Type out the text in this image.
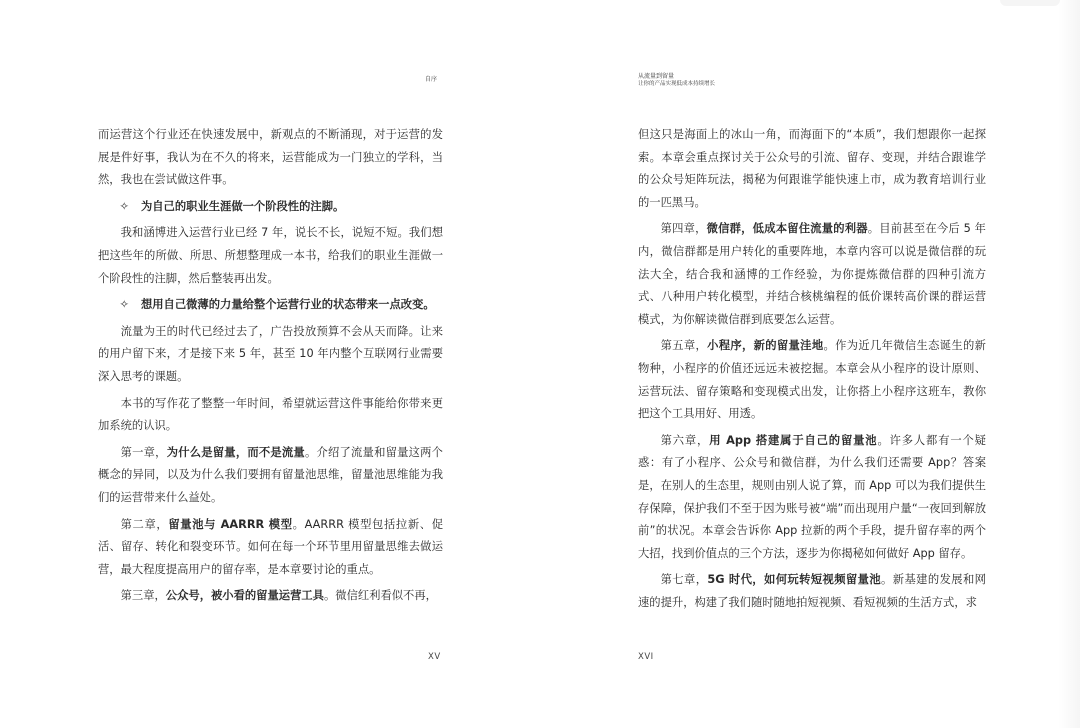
自序

而运营这个行业还在快速发展中，新观点的不断涌现，对于运营的发展是件好事，我认为在不久的将来，运营能成为一门独立的学科，当然，我也在尝试做这件事。

✧ 为自己的职业生涯做一个阶段性的注脚。

我和涵博进入运营行业已经 7 年，说长不长，说短不短。我们想把这些年的所做、所思、所想整理成一本书，给我们的职业生涯做一个阶段性的注脚，然后整装再出发。

✧ 想用自己微薄的力量给整个运营行业的状态带来一点改变。

流量为王的时代已经过去了，广告投放预算不会从天而降。让来的用户留下来，才是接下来 5 年，甚至 10 年内整个互联网行业需要深入思考的课题。

本书的写作花了整整一年时间，希望就运营这件事能给你带来更加系统的认识。

第一章，为什么是留量，而不是流量。介绍了流量和留量这两个概念的异同，以及为什么我们要拥有留量池思维，留量池思维能为我们的运营带来什么益处。

第二章，留量池与 AARRR 模型。AARRR 模型包括拉新、促活、留存、转化和裂变环节。如何在每一个环节里用留量思维去做运营，最大程度提高用户的留存率，是本章要讨论的重点。

第三章，公众号，被小看的留量运营工具。微信红利看似不再，

XV
从流量到留量
让你的产品实现低成本持续增长

但这只是海面上的冰山一角，而海面下的“本质”，我们想跟你一起探索。本章会重点探讨关于公众号的引流、留存、变现，并结合跟谁学的公众号矩阵玩法，揭秘为何跟谁学能快速上市，成为教育培训行业的一匹黑马。

第四章，微信群，低成本留住流量的利器。目前甚至在今后 5 年内，微信群都是用户转化的重要阵地，本章内容可以说是微信群的玩法大全，结合我和涵博的工作经验，为你提炼微信群的四种引流方式、八种用户转化模型，并结合核桃编程的低价课转高价课的群运营模式，为你解读微信群到底要怎么运营。

第五章，小程序，新的留量洼地。作为近几年微信生态诞生的新物种，小程序的价值还远远未被挖掘。本章会从小程序的设计原则、运营玩法、留存策略和变现模式出发，让你搭上小程序这班车，教你把这个工具用好、用透。

第六章，用 App 搭建属于自己的留量池。许多人都有一个疑惑：有了小程序、公众号和微信群，为什么我们还需要 App？答案是，在别人的生态里，规则由别人说了算，而 App 可以为我们提供生存保障，保护我们不至于因为账号被“端”而出现用户量“一夜回到解放前”的状况。本章会告诉你 App 拉新的两个手段，提升留存率的两个大招，找到价值点的三个方法，逐步为你揭秘如何做好 App 留存。

第七章，5G 时代，如何玩转短视频留量池。新基建的发展和网速的提升，构建了我们随时随地拍短视频、看短视频的生活方式，求

XVI
